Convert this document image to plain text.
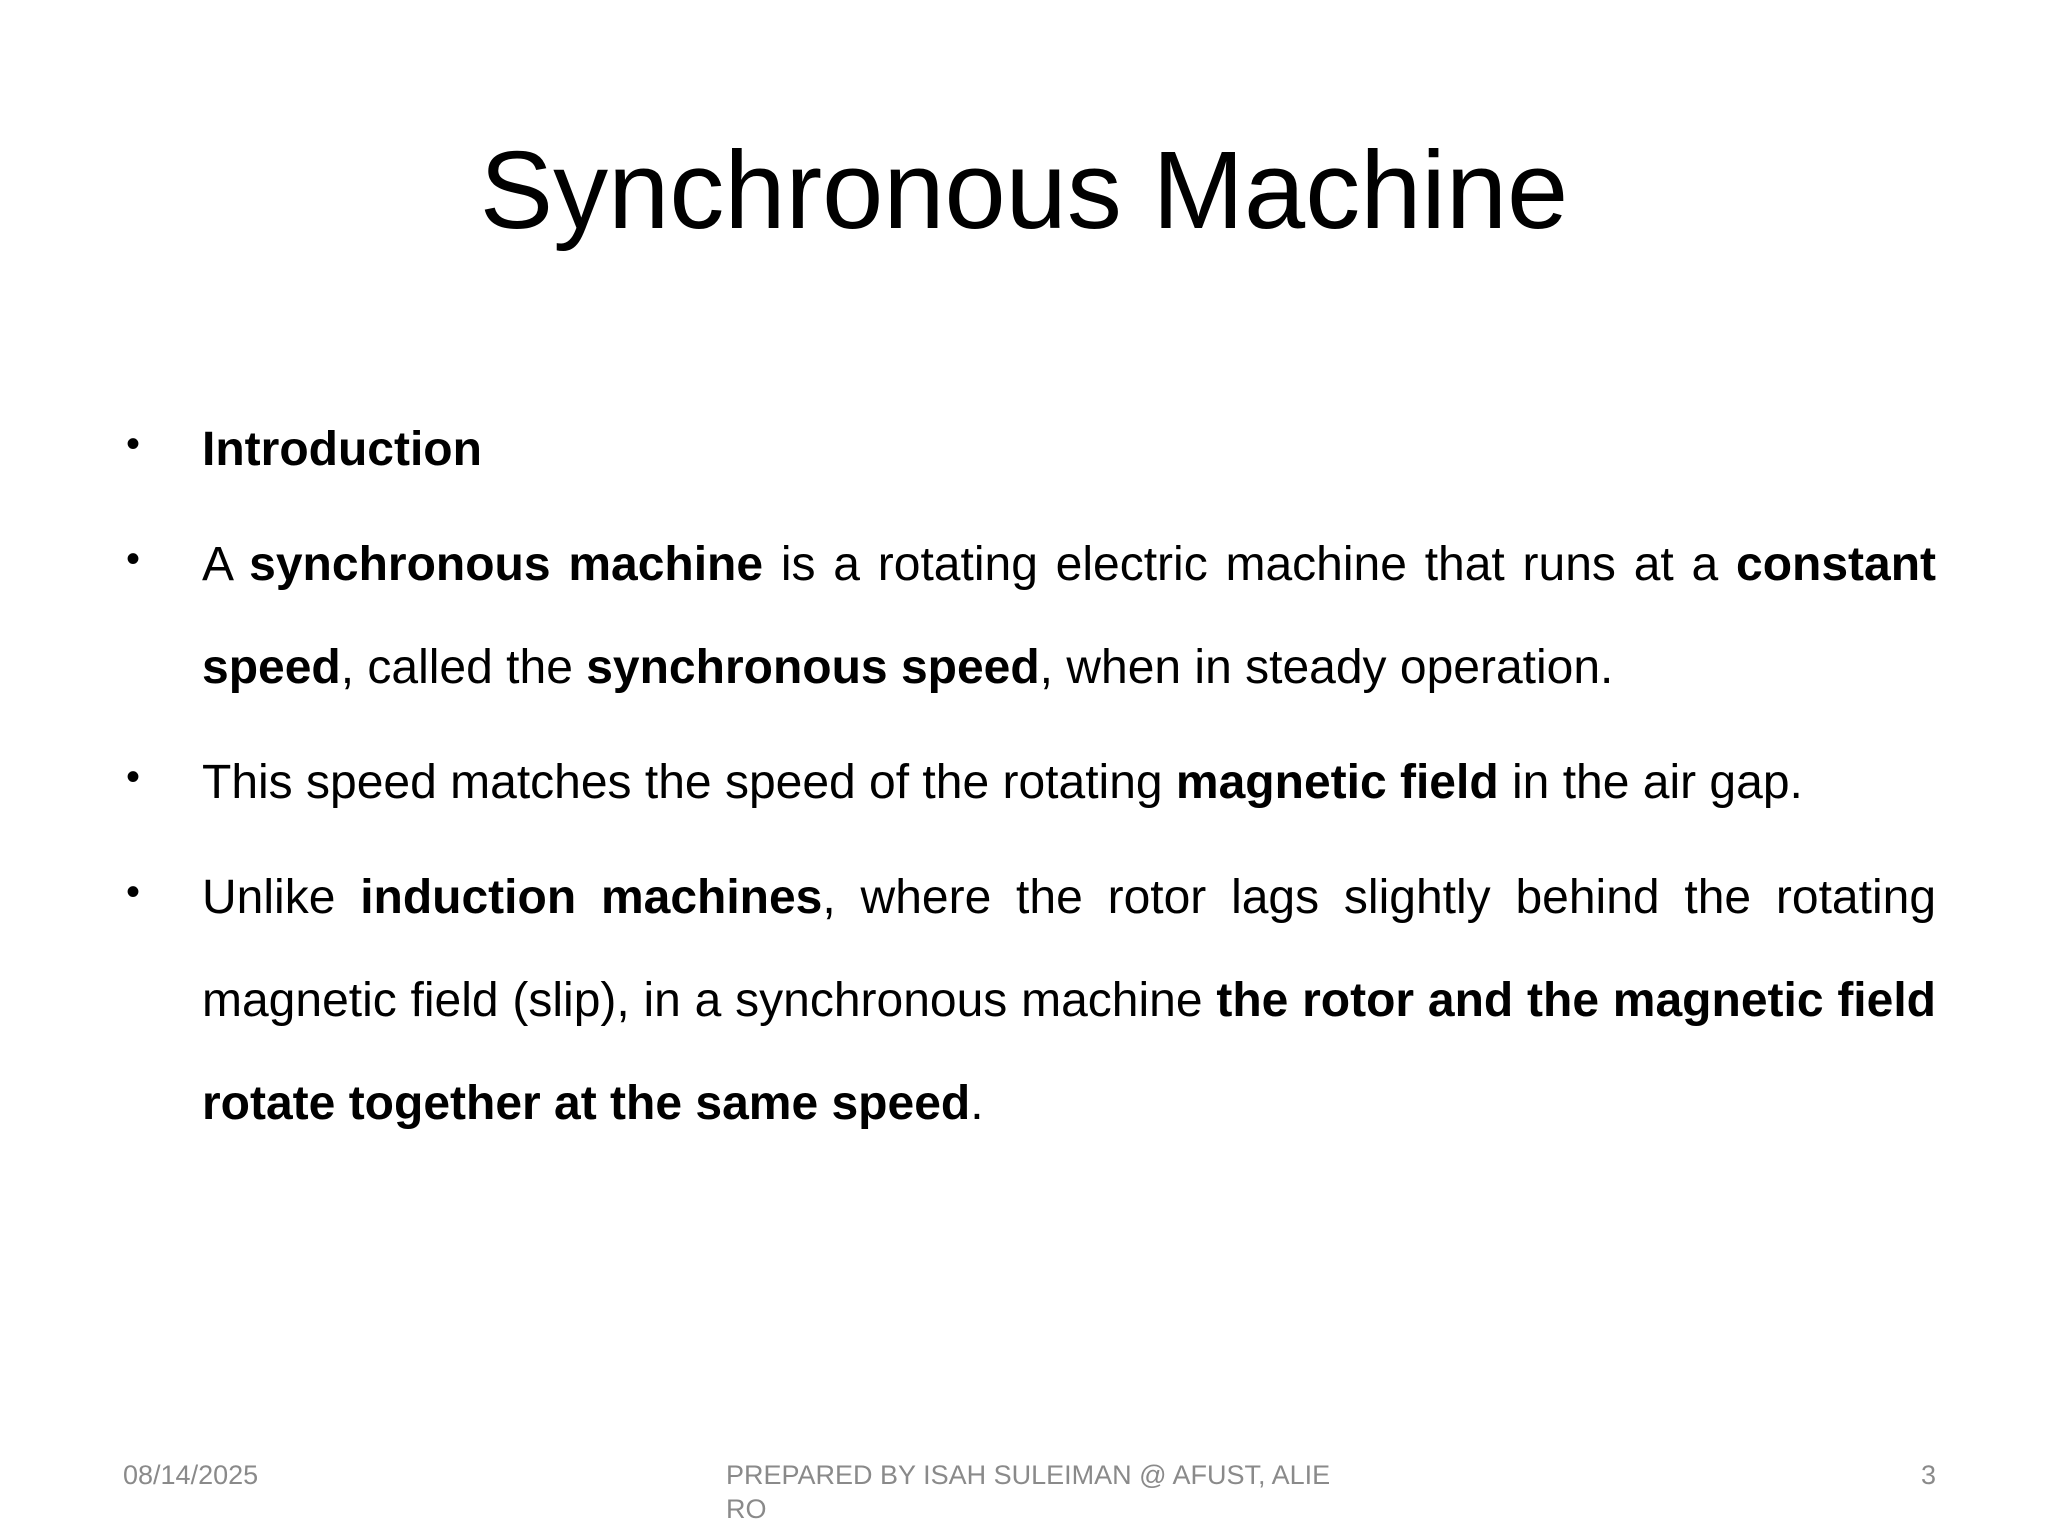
Synchronous Machine
• Introduction
• A synchronous machine is a rotating electric machine that runs at a constant speed, called the synchronous speed, when in steady operation.
• This speed matches the speed of the rotating magnetic field in the air gap.
• Unlike induction machines, where the rotor lags slightly behind the rotating magnetic field (slip), in a synchronous machine the rotor and the magnetic field rotate together at the same speed.
08/14/2025	PREPARED BY ISAH SULEIMAN @ AFUST, ALIERO
3
